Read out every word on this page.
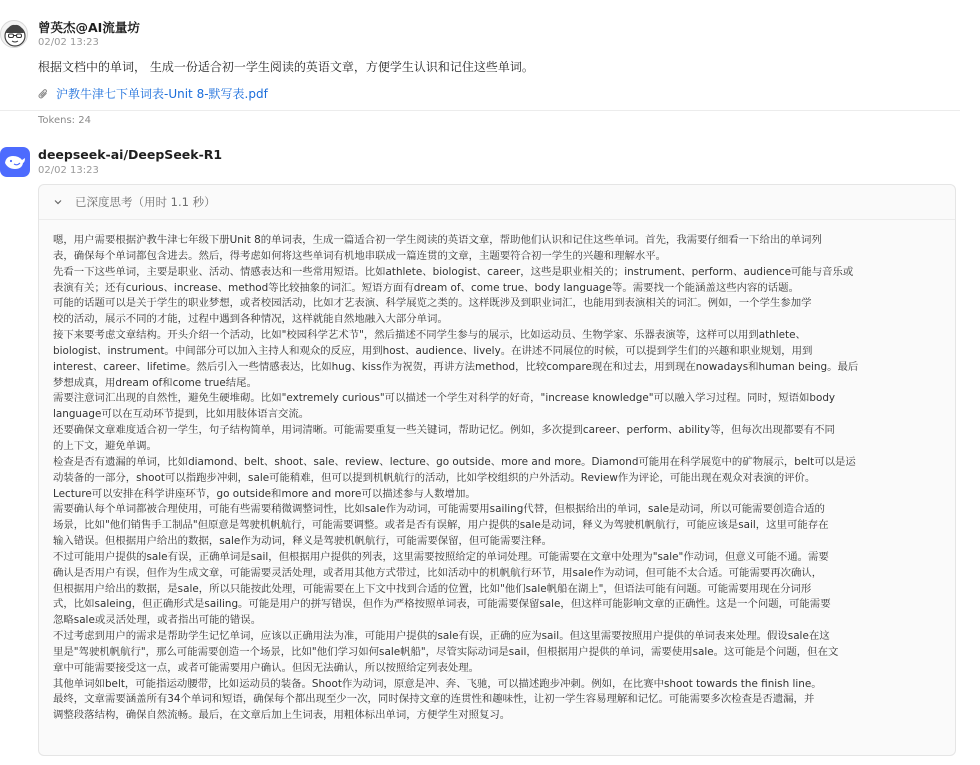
曾英杰@AI流量坊
02/02 13:23
根据文档中的单词， 生成一份适合初一学生阅读的英语文章，方便学生认识和记住这些单词。
沪教牛津七下单词表-Unit 8-默写表.pdf
Tokens: 24
deepseek-ai/DeepSeek-R1
02/02 13:23
已深度思考（用时 1.1 秒）
嗯，用户需要根据沪教牛津七年级下册Unit 8的单词表，生成一篇适合初一学生阅读的英语文章，帮助他们认识和记住这些单词。首先，我需要仔细看一下给出的单词列
表，确保每个单词都包含进去。然后，得考虑如何将这些单词有机地串联成一篇连贯的文章，主题要符合初一学生的兴趣和理解水平。
先看一下这些单词，主要是职业、活动、情感表达和一些常用短语。比如athlete、biologist、career，这些是职业相关的；instrument、perform、audience可能与音乐或
表演有关；还有curious、increase、method等比较抽象的词汇。短语方面有dream of、come true、body language等。需要找一个能涵盖这些内容的话题。
可能的话题可以是关于学生的职业梦想，或者校园活动，比如才艺表演、科学展览之类的。这样既涉及到职业词汇，也能用到表演相关的词汇。例如，一个学生参加学
校的活动，展示不同的才能，过程中遇到各种情况，这样就能自然地融入大部分单词。
接下来要考虑文章结构。开头介绍一个活动，比如"校园科学艺术节"，然后描述不同学生参与的展示，比如运动员、生物学家、乐器表演等，这样可以用到athlete、
biologist、instrument。中间部分可以加入主持人和观众的反应，用到host、audience、lively。在讲述不同展位的时候，可以提到学生们的兴趣和职业规划，用到
interest、career、lifetime。然后引入一些情感表达，比如hug、kiss作为祝贺，再讲方法method，比较compare现在和过去，用到现在nowadays和human being。最后
梦想成真，用dream of和come true结尾。
需要注意词汇出现的自然性，避免生硬堆砌。比如"extremely curious"可以描述一个学生对科学的好奇，"increase knowledge"可以融入学习过程。同时，短语如body
language可以在互动环节提到，比如用肢体语言交流。
还要确保文章难度适合初一学生，句子结构简单，用词清晰。可能需要重复一些关键词，帮助记忆。例如，多次提到career、perform、ability等，但每次出现都要有不同
的上下文，避免单调。
检查是否有遗漏的单词，比如diamond、belt、shoot、sale、review、lecture、go outside、more and more。Diamond可能用在科学展览中的矿物展示，belt可以是运
动装备的一部分，shoot可以指跑步冲刺，sale可能稍难，但可以提到机帆航行的活动，比如学校组织的户外活动。Review作为评论，可能出现在观众对表演的评价。
Lecture可以安排在科学讲座环节，go outside和more and more可以描述参与人数增加。
需要确认每个单词都被合理使用，可能有些需要稍微调整词性，比如sale作为动词，可能需要用sailing代替，但根据给出的单词，sale是动词，所以可能需要创造合适的
场景，比如"他们销售手工制品"但原意是驾驶机帆航行，可能需要调整。或者是否有误解，用户提供的sale是动词，释义为驾驶机帆航行，可能应该是sail，这里可能存在
输入错误。但根据用户给出的数据，sale作为动词，释义是驾驶机帆航行，可能需要保留，但可能需要注释。
不过可能用户提供的sale有误，正确单词是sail，但根据用户提供的列表，这里需要按照给定的单词处理。可能需要在文章中处理为"sale"作动词，但意义可能不通。需要
确认是否用户有误，但作为生成文章，可能需要灵活处理，或者用其他方式带过，比如活动中的机帆航行环节，用sale作为动词，但可能不太合适。可能需要再次确认，
但根据用户给出的数据，是sale，所以只能按此处理，可能需要在上下文中找到合适的位置，比如"他们sale帆船在湖上"，但语法可能有问题。可能需要用现在分词形
式，比如saleing，但正确形式是sailing。可能是用户的拼写错误，但作为严格按照单词表，可能需要保留sale，但这样可能影响文章的正确性。这是一个问题，可能需要
忽略sale或灵活处理，或者指出可能的错误。
不过考虑到用户的需求是帮助学生记忆单词，应该以正确用法为准，可能用户提供的sale有误，正确的应为sail。但这里需要按照用户提供的单词表来处理。假设sale在这
里是"驾驶机帆航行"，那么可能需要创造一个场景，比如"他们学习如何sale帆船"，尽管实际动词是sail，但根据用户提供的单词，需要使用sale。这可能是个问题，但在文
章中可能需要接受这一点，或者可能需要用户确认。但因无法确认，所以按照给定列表处理。
其他单词如belt，可能指运动腰带，比如运动员的装备。Shoot作为动词，原意是冲、奔、飞驰，可以描述跑步冲刺。例如，在比赛中shoot towards the finish line。
最终，文章需要涵盖所有34个单词和短语，确保每个都出现至少一次，同时保持文章的连贯性和趣味性，让初一学生容易理解和记忆。可能需要多次检查是否遗漏，并
调整段落结构，确保自然流畅。最后，在文章后加上生词表，用粗体标出单词，方便学生对照复习。
